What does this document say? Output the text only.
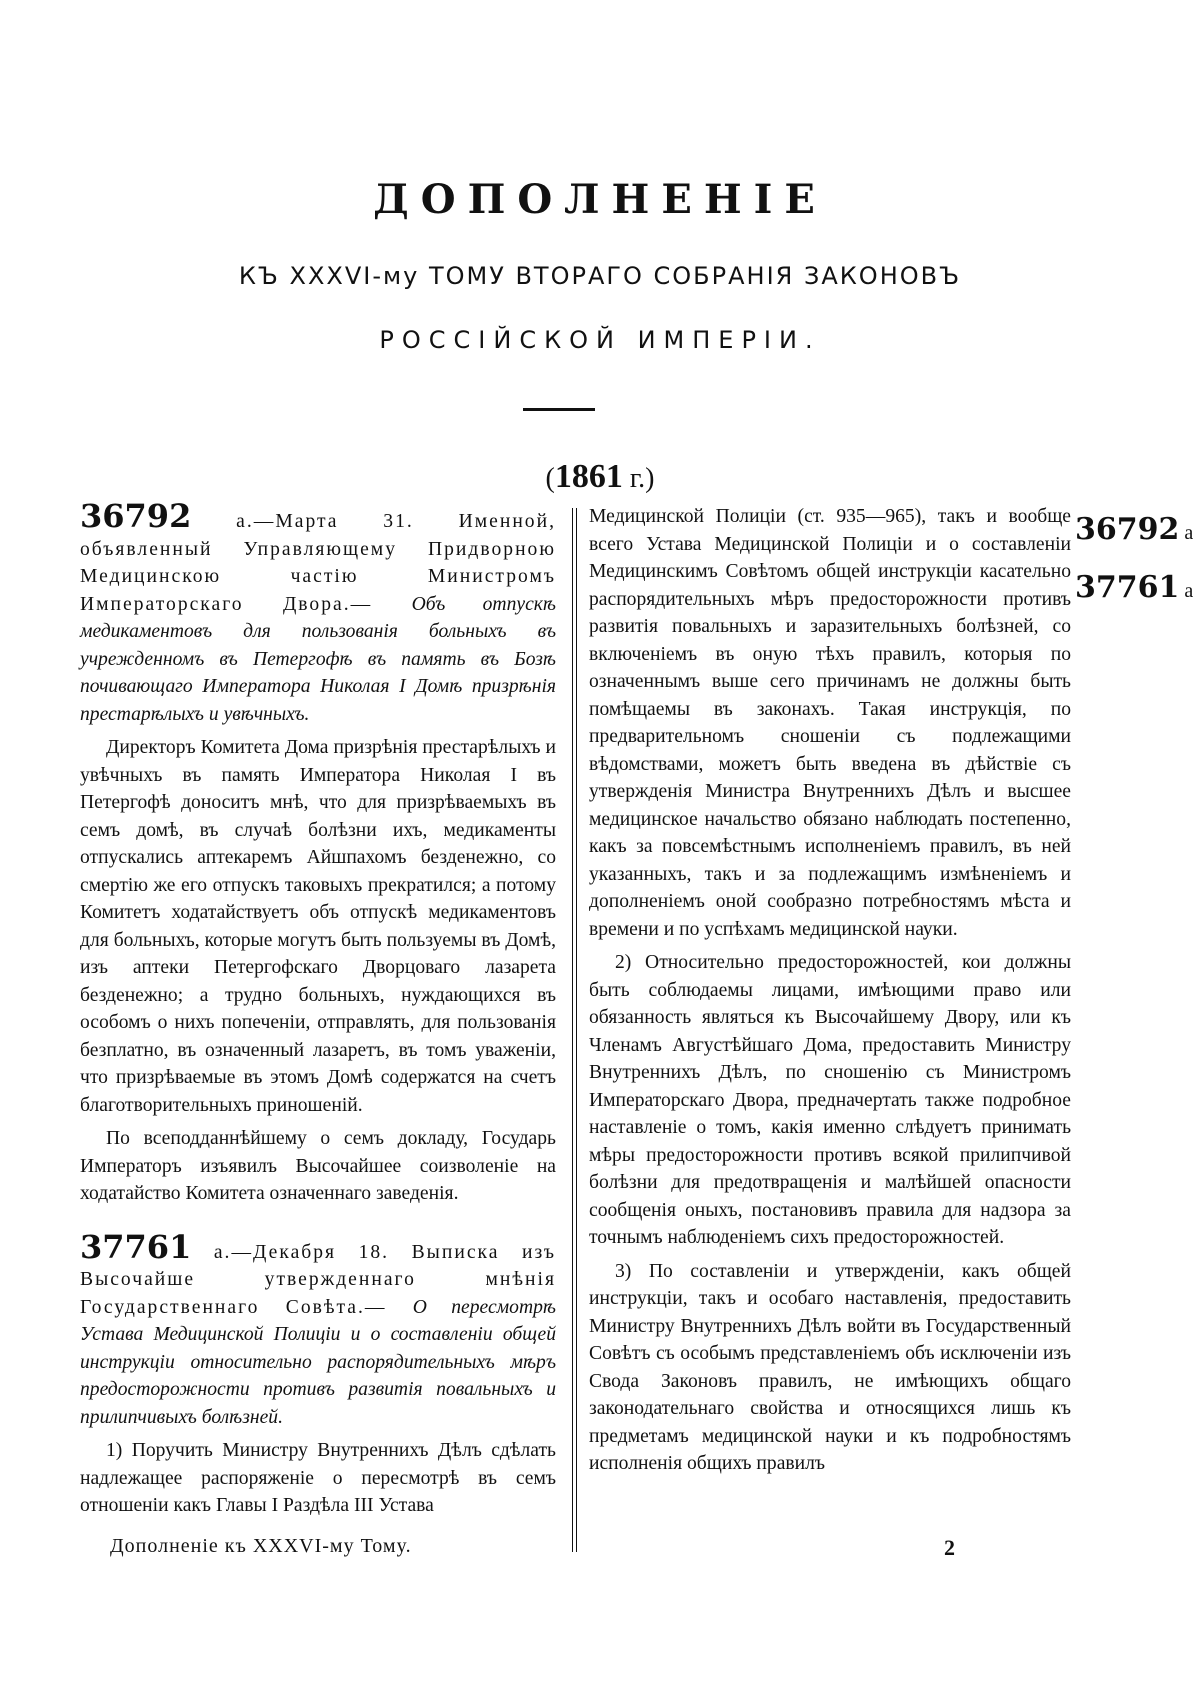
ДОПОЛНЕНІЕ
КЪ XXXVI-му ТОМУ ВТОРАГО СОБРАНІЯ ЗАКОНОВЪ
РОССІЙСКОЙ ИМПЕРІИ.
(1861 г.)

36792 а.—Марта 31. Именной, объявленный Управляющему Придворною Медицинскою частію Министромъ Императорскаго Двора.— Объ отпускѣ медикаментовъ для пользованія больныхъ въ учрежденномъ въ Петергофѣ въ память въ Бозѣ почивающаго Императора Николая I Домѣ призрѣнія престарѣлыхъ и увѣчныхъ.

Директоръ Комитета Дома призрѣнія престарѣлыхъ и увѣчныхъ въ память Императора Николая I въ Петергофѣ доноситъ мнѣ, что для призрѣваемыхъ въ семъ домѣ, въ случаѣ болѣзни ихъ, медикаменты отпускались аптекаремъ Айшпахомъ безденежно, со смертію же его отпускъ таковыхъ прекратился; а потому Комитетъ ходатайствуетъ объ отпускѣ медикаментовъ для больныхъ, которые могутъ быть пользуемы въ Домѣ, изъ аптеки Петергофскаго Дворцоваго лазарета безденежно; а трудно больныхъ, нуждающихся въ особомъ о нихъ попеченіи, отправлять, для пользованія безплатно, въ означенный лазаретъ, въ томъ уваженіи, что призрѣваемые въ этомъ Домѣ содержатся на счетъ благотворительныхъ приношеній.

По всеподданнѣйшему о семъ докладу, Государь Императоръ изъявилъ Высочайшее соизволеніе на ходатайство Комитета означеннаго заведенія.

37761 а.—Декабря 18. Выписка изъ Высочайше утвержденнаго мнѣнія Государственнаго Совѣта.— О пересмотрѣ Устава Медицинской Полиціи и о составленіи общей инструкціи относительно распорядительныхъ мѣръ предосторожности противъ развитія повальныхъ и прилипчивыхъ болѣзней.

1) Поручить Министру Внутреннихъ Дѣлъ сдѣлать надлежащее распоряженіе о пересмотрѣ въ семъ отношеніи какъ Главы I Раздѣла III Устава

Медицинской Полиціи (ст. 935—965), такъ и вообще всего Устава Медицинской Полиціи и о составленіи Медицинскимъ Совѣтомъ общей инструкціи касательно распорядительныхъ мѣръ предосторожности противъ развитія повальныхъ и заразительныхъ болѣзней, со включеніемъ въ оную тѣхъ правилъ, которыя по означеннымъ выше сего причинамъ не должны быть помѣщаемы въ законахъ. Такая инструкція, по предварительномъ сношеніи съ подлежащими вѣдомствами, можетъ быть введена въ дѣйствіе съ утвержденія Министра Внутреннихъ Дѣлъ и высшее медицинское начальство обязано наблюдать постепенно, какъ за повсемѣстнымъ исполненіемъ правилъ, въ ней указанныхъ, такъ и за подлежащимъ измѣненіемъ и дополненіемъ оной сообразно потребностямъ мѣста и времени и по успѣхамъ медицинской науки.

2) Относительно предосторожностей, кои должны быть соблюдаемы лицами, имѣющими право или обязанность являться къ Высочайшему Двору, или къ Членамъ Августѣйшаго Дома, предоставить Министру Внутреннихъ Дѣлъ, по сношенію съ Министромъ Императорскаго Двора, предначертать также подробное наставленіе о томъ, какія именно слѣдуетъ принимать мѣры предосторожности противъ всякой прилипчивой болѣзни для предотвращенія и малѣйшей опасности сообщенія оныхъ, постановивъ правила для надзора за точнымъ наблюденіемъ сихъ предосторожностей.

3) По составленіи и утвержденіи, какъ общей инструкціи, такъ и особаго наставленія, предоставить Министру Внутреннихъ Дѣлъ войти въ Государственный Совѣтъ съ особымъ представленіемъ объ исключеніи изъ Свода Законовъ правилъ, не имѣющихъ общаго законодательнаго свойства и относящихся лишь къ предметамъ медицинской науки и къ подробностямъ исполненія общихъ правилъ

36792 а
37761 а
Дополненіе къ XXXVI-му Тому.	2
